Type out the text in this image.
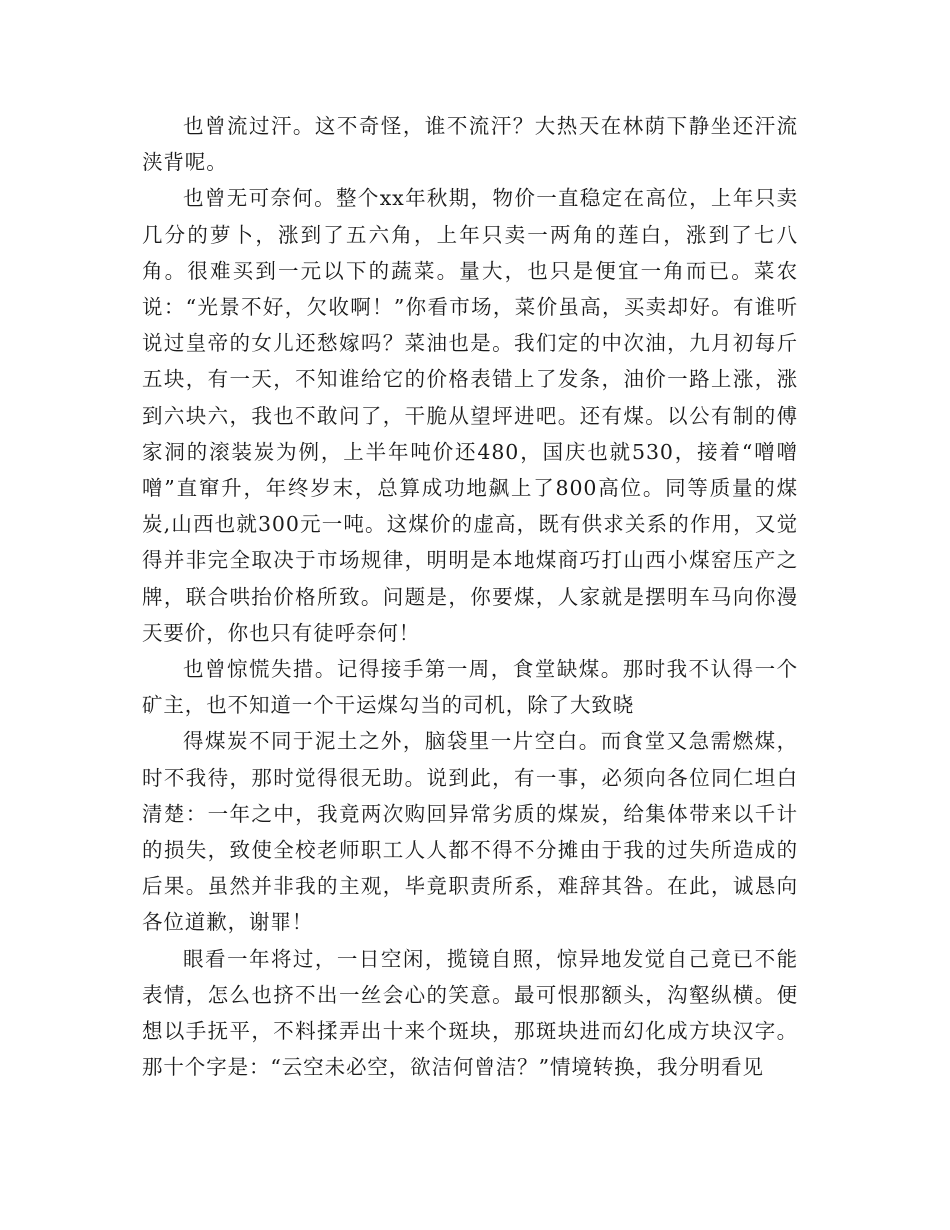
也曾流过汗。这不奇怪，谁不流汗？大热天在林荫下静坐还汗流浃背呢。

也曾无可奈何。整个xx年秋期，物价一直稳定在高位，上年只卖几分的萝卜，涨到了五六角，上年只卖一两角的莲白，涨到了七八角。很难买到一元以下的蔬菜。量大，也只是便宜一角而已。菜农说：“光景不好，欠收啊！”你看市场，菜价虽高，买卖却好。有谁听说过皇帝的女儿还愁嫁吗？菜油也是。我们定的中次油，九月初每斤五块，有一天，不知谁给它的价格表错上了发条，油价一路上涨，涨到六块六，我也不敢问了，干脆从望坪进吧。还有煤。以公有制的傅家洞的滚装炭为例，上半年吨价还480，国庆也就530，接着“噌噌噌”直窜升，年终岁末，总算成功地飙上了800高位。同等质量的煤炭,山西也就300元一吨。这煤价的虚高，既有供求关系的作用，又觉得并非完全取决于市场规律，明明是本地煤商巧打山西小煤窑压产之牌，联合哄抬价格所致。问题是，你要煤，人家就是摆明车马向你漫天要价，你也只有徒呼奈何！

也曾惊慌失措。记得接手第一周，食堂缺煤。那时我不认得一个矿主，也不知道一个干运煤勾当的司机，除了大致晓

得煤炭不同于泥土之外，脑袋里一片空白。而食堂又急需燃煤，时不我待，那时觉得很无助。说到此，有一事，必须向各位同仁坦白清楚：一年之中，我竟两次购回异常劣质的煤炭，给集体带来以千计的损失，致使全校老师职工人人都不得不分摊由于我的过失所造成的后果。虽然并非我的主观，毕竟职责所系，难辞其咎。在此，诚恳向各位道歉，谢罪！

眼看一年将过，一日空闲，揽镜自照，惊异地发觉自己竟已不能表情，怎么也挤不出一丝会心的笑意。最可恨那额头，沟壑纵横。便想以手抚平，不料揉弄出十来个斑块，那斑块进而幻化成方块汉字。那十个字是：“云空未必空，欲洁何曾洁？”情境转换，我分明看见
